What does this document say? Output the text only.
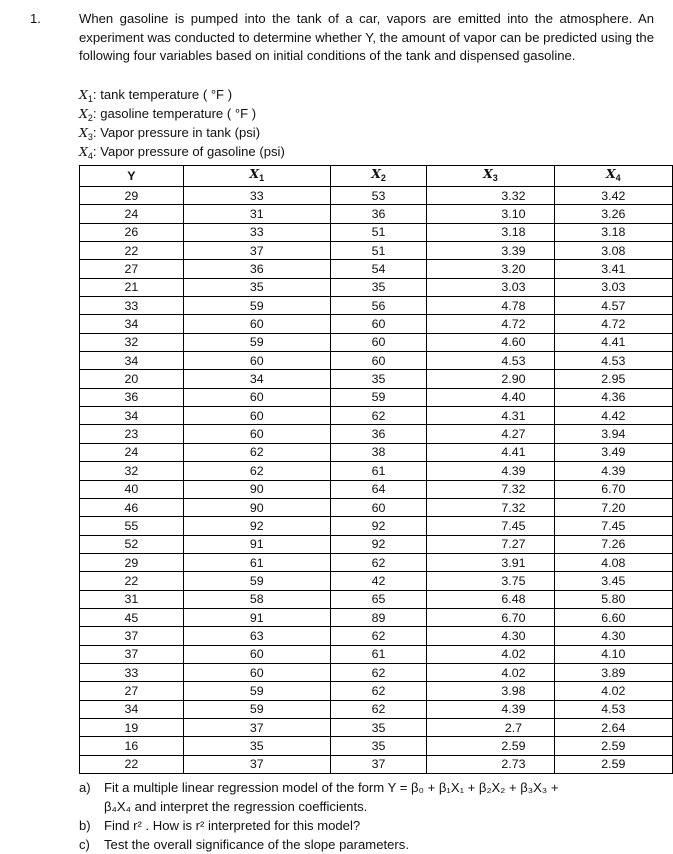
1.	When gasoline is pumped into the tank of a car, vapors are emitted into the atmosphere. An experiment was conducted to determine whether Y, the amount of vapor can be predicted using the following four variables based on initial conditions of the tank and dispensed gasoline.
$X_1$: tank temperature ( °F )
$X_2$: gasoline temperature ( °F )
$X_3$: Vapor pressure in tank (psi)
$X_4$: Vapor pressure of gasoline (psi)
Y	$X_1$	$X_2$	$X_3$	$X_4$
29	33	53	3.32	3.42
24	31	36	3.10	3.26
26	33	51	3.18	3.18
22	37	51	3.39	3.08
27	36	54	3.20	3.41
21	35	35	3.03	3.03
33	59	56	4.78	4.57
34	60	60	4.72	4.72
32	59	60	4.60	4.41
34	60	60	4.53	4.53
20	34	35	2.90	2.95
36	60	59	4.40	4.36
34	60	62	4.31	4.42
23	60	36	4.27	3.94
24	62	38	4.41	3.49
32	62	61	4.39	4.39
40	90	64	7.32	6.70
46	90	60	7.32	7.20
55	92	92	7.45	7.45
52	91	92	7.27	7.26
29	61	62	3.91	4.08
22	59	42	3.75	3.45
31	58	65	6.48	5.80
45	91	89	6.70	6.60
37	63	62	4.30	4.30
37	60	61	4.02	4.10
33	60	62	4.02	3.89
27	59	62	3.98	4.02
34	59	62	4.39	4.53
19	37	35	2.7	2.64
16	35	35	2.59	2.59
22	37	37	2.73	2.59
a) Fit a multiple linear regression model of the form Y = β₀ + β₁X₁ + β₂X₂ + β₃X₃ +
β₄X₄ and interpret the regression coefficients.
b) Find r² . How is r² interpreted for this model?
c) Test the overall significance of the slope parameters.
